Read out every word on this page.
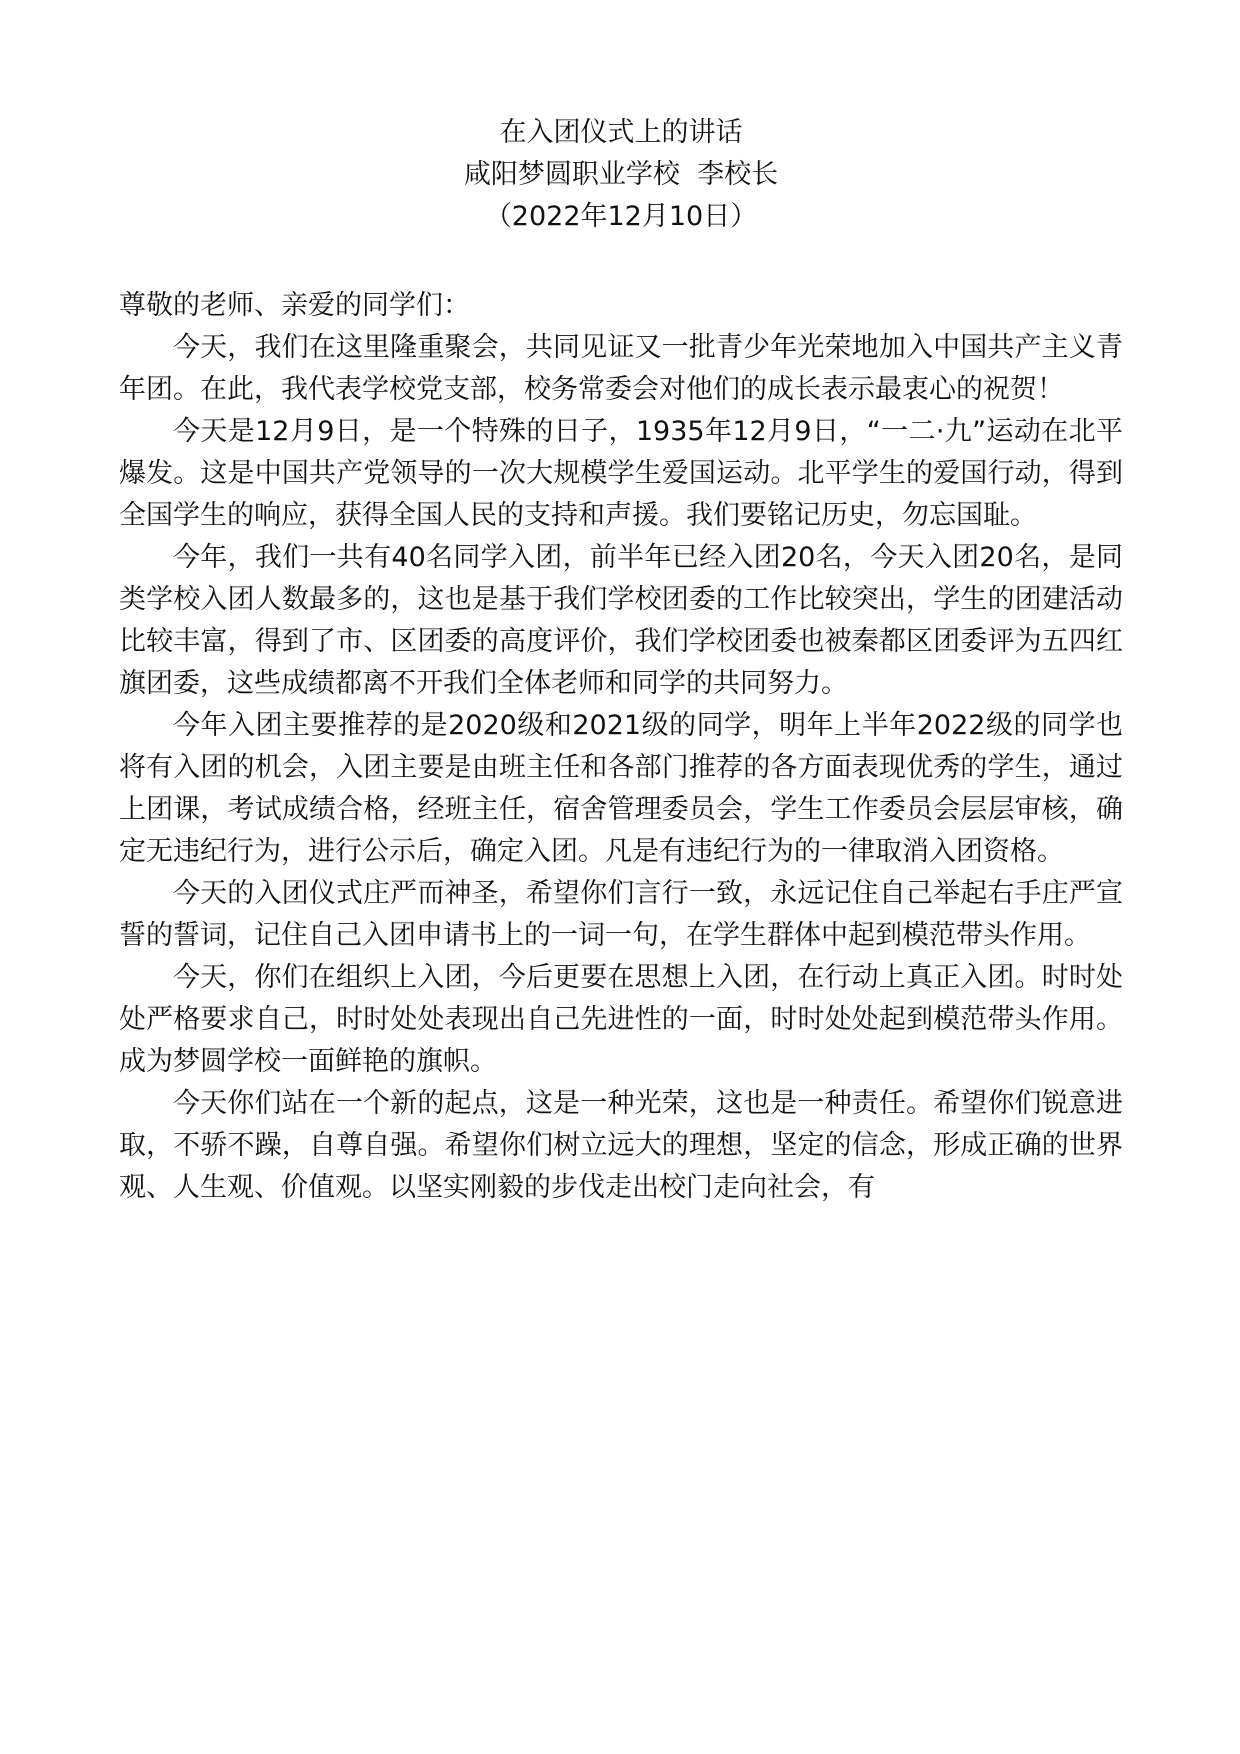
在入团仪式上的讲话
咸阳梦圆职业学校  李校长
（2022年12月10日）
尊敬的老师、亲爱的同学们：

今天，我们在这里隆重聚会，共同见证又一批青少年光荣地加入中国共产主义青年团。在此，我代表学校党支部，校务常委会对他们的成长表示最衷心的祝贺！

今天是12月9日，是一个特殊的日子，1935年12月9日，“一二·九”运动在北平爆发。这是中国共产党领导的一次大规模学生爱国运动。北平学生的爱国行动，得到全国学生的响应，获得全国人民的支持和声援。我们要铭记历史，勿忘国耻。

今年，我们一共有40名同学入团，前半年已经入团20名，今天入团20名，是同类学校入团人数最多的，这也是基于我们学校团委的工作比较突出，学生的团建活动比较丰富，得到了市、区团委的高度评价，我们学校团委也被秦都区团委评为五四红旗团委，这些成绩都离不开我们全体老师和同学的共同努力。

今年入团主要推荐的是2020级和2021级的同学，明年上半年2022级的同学也将有入团的机会，入团主要是由班主任和各部门推荐的各方面表现优秀的学生，通过上团课，考试成绩合格，经班主任，宿舍管理委员会，学生工作委员会层层审核，确定无违纪行为，进行公示后，确定入团。凡是有违纪行为的一律取消入团资格。

今天的入团仪式庄严而神圣，希望你们言行一致，永远记住自己举起右手庄严宣誓的誓词，记住自己入团申请书上的一词一句，在学生群体中起到模范带头作用。

今天，你们在组织上入团，今后更要在思想上入团，在行动上真正入团。时时处处严格要求自己，时时处处表现出自己先进性的一面，时时处处起到模范带头作用。成为梦圆学校一面鲜艳的旗帜。

今天你们站在一个新的起点，这是一种光荣，这也是一种责任。希望你们锐意进取，不骄不躁，自尊自强。希望你们树立远大的理想，坚定的信念，形成正确的世界观、人生观、价值观。以坚实刚毅的步伐走出校门走向社会，有
